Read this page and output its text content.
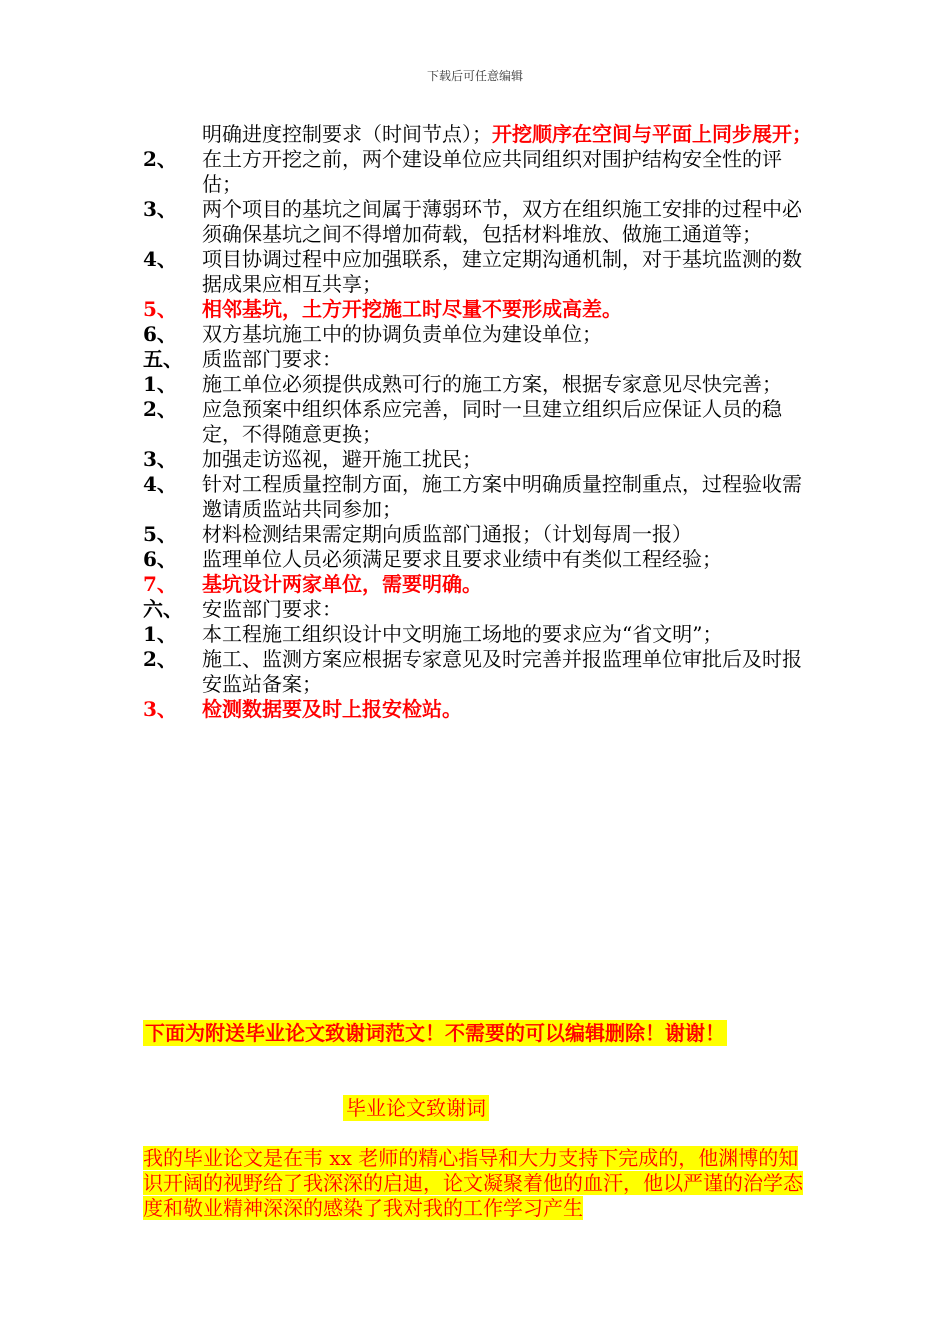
下载后可任意编辑
明确进度控制要求（时间节点）；开挖顺序在空间与平面上同步展开；
2、	在土方开挖之前，两个建设单位应共同组织对围护结构安全性的评估；
3、	两个项目的基坑之间属于薄弱环节，双方在组织施工安排的过程中必须确保基坑之间不得增加荷载，包括材料堆放、做施工通道等；
4、	项目协调过程中应加强联系，建立定期沟通机制，对于基坑监测的数据成果应相互共享；
5、	相邻基坑，土方开挖施工时尽量不要形成高差。
6、	双方基坑施工中的协调负责单位为建设单位；
五、 质监部门要求：
1、	施工单位必须提供成熟可行的施工方案，根据专家意见尽快完善；
2、	应急预案中组织体系应完善，同时一旦建立组织后应保证人员的稳定，不得随意更换；
3、	加强走访巡视，避开施工扰民；
4、	针对工程质量控制方面，施工方案中明确质量控制重点，过程验收需邀请质监站共同参加；
5、	材料检测结果需定期向质监部门通报；（计划每周一报）
6、	监理单位人员必须满足要求且要求业绩中有类似工程经验；
7、	基坑设计两家单位，需要明确。
六、 安监部门要求：
1、	本工程施工组织设计中文明施工场地的要求应为“省文明”；
2、	施工、监测方案应根据专家意见及时完善并报监理单位审批后及时报安监站备案；
3、	检测数据要及时上报安检站。
下面为附送毕业论文致谢词范文！不需要的可以编辑删除！谢谢！
毕业论文致谢词
我的毕业论文是在韦 xx 老师的精心指导和大力支持下完成的，他渊博的知识开阔的视野给了我深深的启迪，论文凝聚着他的血汗，他以严谨的治学态度和敬业精神深深的感染了我对我的工作学习产生
